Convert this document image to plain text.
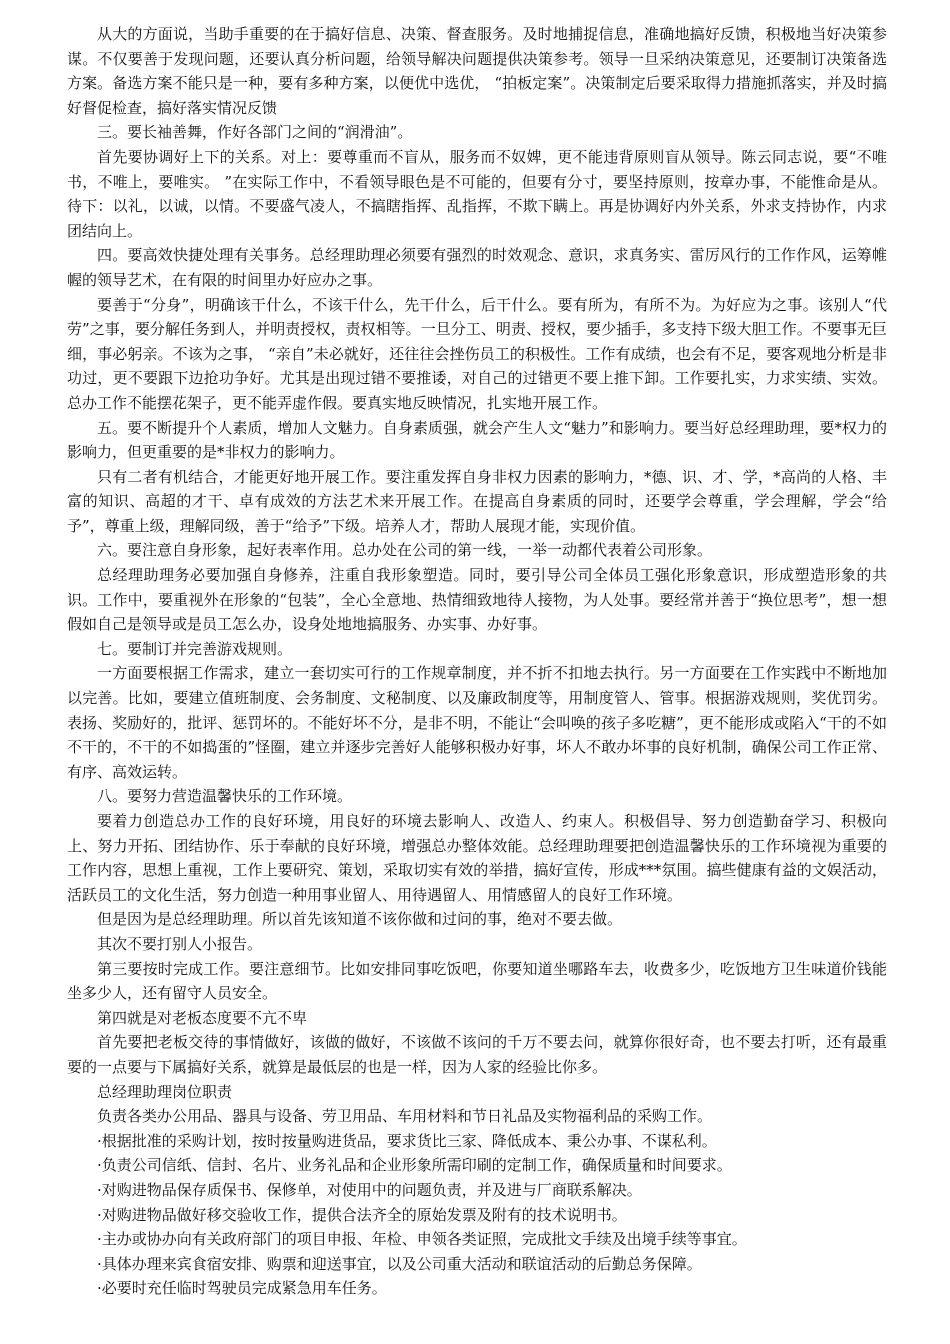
从大的方面说，当助手重要的在于搞好信息、决策、督查服务。及时地捕捉信息，准确地搞好反馈，积极地当好决策参谋。不仅要善于发现问题，还要认真分析问题，给领导解决问题提供决策参考。领导一旦采纳决策意见，还要制订决策备选方案。备选方案不能只是一种，要有多种方案，以便优中选优， “拍板定案”。决策制定后要采取得力措施抓落实，并及时搞好督促检查，搞好落实情况反馈

三。要长袖善舞，作好各部门之间的“润滑油”。

首先要协调好上下的关系。对上：要尊重而不盲从，服务而不奴婢，更不能违背原则盲从领导。陈云同志说，要“不唯书，不唯上，要唯实。 ”在实际工作中，不看领导眼色是不可能的，但要有分寸，要坚持原则，按章办事，不能惟命是从。待下：以礼，以诚，以情。不要盛气凌人，不搞瞎指挥、乱指挥，不欺下瞒上。再是协调好内外关系，外求支持协作，内求团结向上。

四。要高效快捷处理有关事务。总经理助理必须要有强烈的时效观念、意识，求真务实、雷厉风行的工作作风，运筹帷幄的领导艺术，在有限的时间里办好应办之事。

要善于“分身”，明确该干什么，不该干什么，先干什么，后干什么。要有所为，有所不为。为好应为之事。该别人“代劳”之事，要分解任务到人，并明责授权，责权相等。一旦分工、明责、授权，要少插手，多支持下级大胆工作。不要事无巨细，事必躬亲。不该为之事， “亲自”未必就好，还往往会挫伤员工的积极性。工作有成绩，也会有不足，要客观地分析是非功过，更不要跟下边抢功争好。尤其是出现过错不要推诿，对自己的过错更不要上推下卸。工作要扎实，力求实绩、实效。总办工作不能摆花架子，更不能弄虚作假。要真实地反映情况，扎实地开展工作。

五。要不断提升个人素质，增加人文魅力。自身素质强，就会产生人文“魅力”和影响力。要当好总经理助理，要*权力的影响力，但更重要的是*非权力的影响力。

只有二者有机结合，才能更好地开展工作。要注重发挥自身非权力因素的影响力，*德、识、才、学，*高尚的人格、丰富的知识、高超的才干、卓有成效的方法艺术来开展工作。在提高自身素质的同时，还要学会尊重，学会理解，学会“给予”，尊重上级，理解同级，善于“给予”下级。培养人才，帮助人展现才能，实现价值。

六。要注意自身形象，起好表率作用。总办处在公司的第一线，一举一动都代表着公司形象。

总经理助理务必要加强自身修养，注重自我形象塑造。同时，要引导公司全体员工强化形象意识，形成塑造形象的共识。工作中，要重视外在形象的“包装”，全心全意地、热情细致地待人接物，为人处事。要经常并善于“换位思考”，想一想假如自己是领导或是员工怎么办，设身处地地搞服务、办实事、办好事。

七。要制订并完善游戏规则。

一方面要根据工作需求，建立一套切实可行的工作规章制度，并不折不扣地去执行。另一方面要在工作实践中不断地加以完善。比如，要建立值班制度、会务制度、文秘制度、以及廉政制度等，用制度管人、管事。根据游戏规则，奖优罚劣。表扬、奖励好的，批评、惩罚坏的。不能好坏不分，是非不明，不能让“会叫唤的孩子多吃糖”，更不能形成或陷入“干的不如不干的，不干的不如捣蛋的”怪圈，建立并逐步完善好人能够积极办好事，坏人不敢办坏事的良好机制，确保公司工作正常、有序、高效运转。

八。要努力营造温馨快乐的工作环境。

要着力创造总办工作的良好环境，用良好的环境去影响人、改造人、约束人。积极倡导、努力创造勤奋学习、积极向上、努力开拓、团结协作、乐于奉献的良好环境，增强总办整体效能。总经理助理要把创造温馨快乐的工作环境视为重要的工作内容，思想上重视，工作上要研究、策划，采取切实有效的举措，搞好宣传，形成***氛围。搞些健康有益的文娱活动，活跃员工的文化生活，努力创造一种用事业留人、用待遇留人、用情感留人的良好工作环境。

但是因为是总经理助理。所以首先该知道不该你做和过问的事，绝对不要去做。

其次不要打别人小报告。

第三要按时完成工作。要注意细节。比如安排同事吃饭吧，你要知道坐哪路车去，收费多少，吃饭地方卫生味道价钱能坐多少人，还有留守人员安全。

第四就是对老板态度要不亢不卑

首先要把老板交待的事情做好，该做的做好，不该做不该问的千万不要去问，就算你很好奇，也不要去打听，还有最重要的一点要与下属搞好关系，就算是最低层的也是一样，因为人家的经验比你多。

总经理助理岗位职责

负责各类办公用品、器具与设备、劳卫用品、车用材料和节日礼品及实物福利品的采购工作。

·根据批准的采购计划，按时按量购进货品，要求货比三家、降低成本、秉公办事、不谋私利。

·负责公司信纸、信封、名片、业务礼品和企业形象所需印刷的定制工作，确保质量和时间要求。

·对购进物品保存质保书、保修单，对使用中的问题负责，并及进与厂商联系解决。

·对购进物品做好移交验收工作，提供合法齐全的原始发票及附有的技术说明书。

·主办或协办向有关政府部门的项目申报、年检、申领各类证照，完成批文手续及出境手续等事宜。

·具体办理来宾食宿安排、购票和迎送事宜，以及公司重大活动和联谊活动的后勤总务保障。

·必要时充任临时驾驶员完成紧急用车任务。
